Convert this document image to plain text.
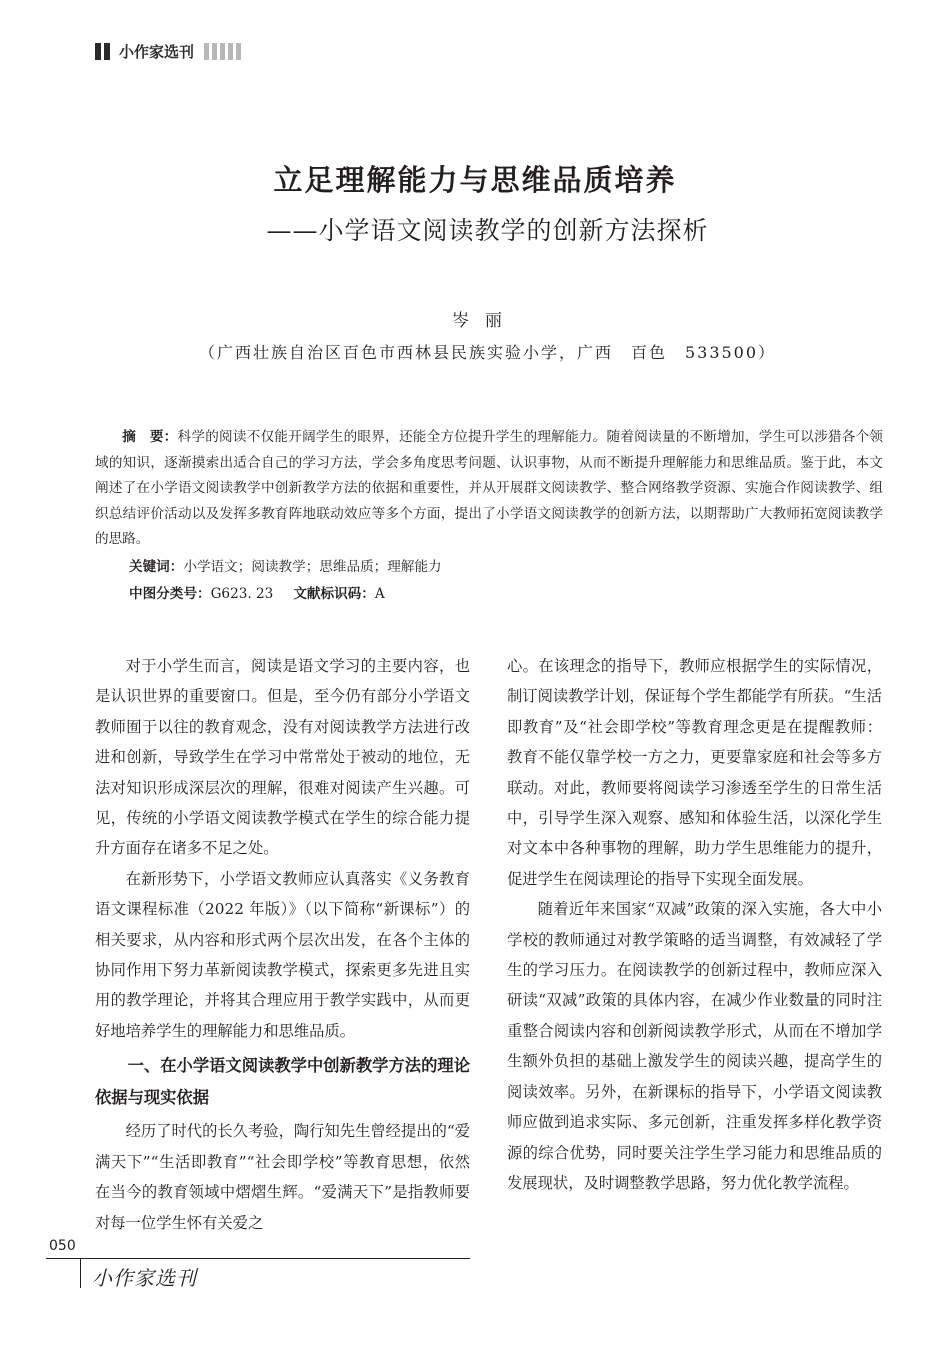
小作家选刊
立足理解能力与思维品质培养
——小学语文阅读教学的创新方法探析
岑丽
（广西壮族自治区百色市西林县民族实验小学，广西　百色　533500）

摘　要：科学的阅读不仅能开阔学生的眼界，还能全方位提升学生的理解能力。随着阅读量的不断增加，学生可以涉猎各个领域的知识，逐渐摸索出适合自己的学习方法，学会多角度思考问题、认识事物，从而不断提升理解能力和思维品质。鉴于此，本文阐述了在小学语文阅读教学中创新教学方法的依据和重要性，并从开展群文阅读教学、整合网络教学资源、实施合作阅读教学、组织总结评价活动以及发挥多教育阵地联动效应等多个方面，提出了小学语文阅读教学的创新方法，以期帮助广大教师拓宽阅读教学的思路。

关键词：小学语文；阅读教学；思维品质；理解能力
中图分类号：G623. 23 文献标识码：A

对于小学生而言，阅读是语文学习的主要内容，也是认识世界的重要窗口。但是，至今仍有部分小学语文教师囿于以往的教育观念，没有对阅读教学方法进行改进和创新，导致学生在学习中常常处于被动的地位，无法对知识形成深层次的理解，很难对阅读产生兴趣。可见，传统的小学语文阅读教学模式在学生的综合能力提升方面存在诸多不足之处。

在新形势下，小学语文教师应认真落实《义务教育语文课程标准（2022 年版）》（以下简称“新课标”）的相关要求，从内容和形式两个层次出发，在各个主体的协同作用下努力革新阅读教学模式，探索更多先进且实用的教学理论，并将其合理应用于教学实践中，从而更好地培养学生的理解能力和思维品质。

一、在小学语文阅读教学中创新教学方法的理论依据与现实依据

经历了时代的长久考验，陶行知先生曾经提出的“爱满天下”“生活即教育”“社会即学校”等教育思想，依然在当今的教育领域中熠熠生辉。“爱满天下”是指教师要对每一位学生怀有关爱之

心。在该理念的指导下，教师应根据学生的实际情况，制订阅读教学计划，保证每个学生都能学有所获。“生活即教育”及“社会即学校”等教育理念更是在提醒教师：教育不能仅靠学校一方之力，更要靠家庭和社会等多方联动。对此，教师要将阅读学习渗透至学生的日常生活中，引导学生深入观察、感知和体验生活，以深化学生对文本中各种事物的理解，助力学生思维能力的提升，促进学生在阅读理论的指导下实现全面发展。

随着近年来国家“双减”政策的深入实施，各大中小学校的教师通过对教学策略的适当调整，有效减轻了学生的学习压力。在阅读教学的创新过程中，教师应深入研读“双减”政策的具体内容，在减少作业数量的同时注重整合阅读内容和创新阅读教学形式，从而在不增加学生额外负担的基础上激发学生的阅读兴趣，提高学生的阅读效率。另外，在新课标的指导下，小学语文阅读教师应做到追求实际、多元创新，注重发挥多样化教学资源的综合优势，同时要关注学生学习能力和思维品质的发展现状，及时调整教学思路，努力优化教学流程。

050
小作家选刊
